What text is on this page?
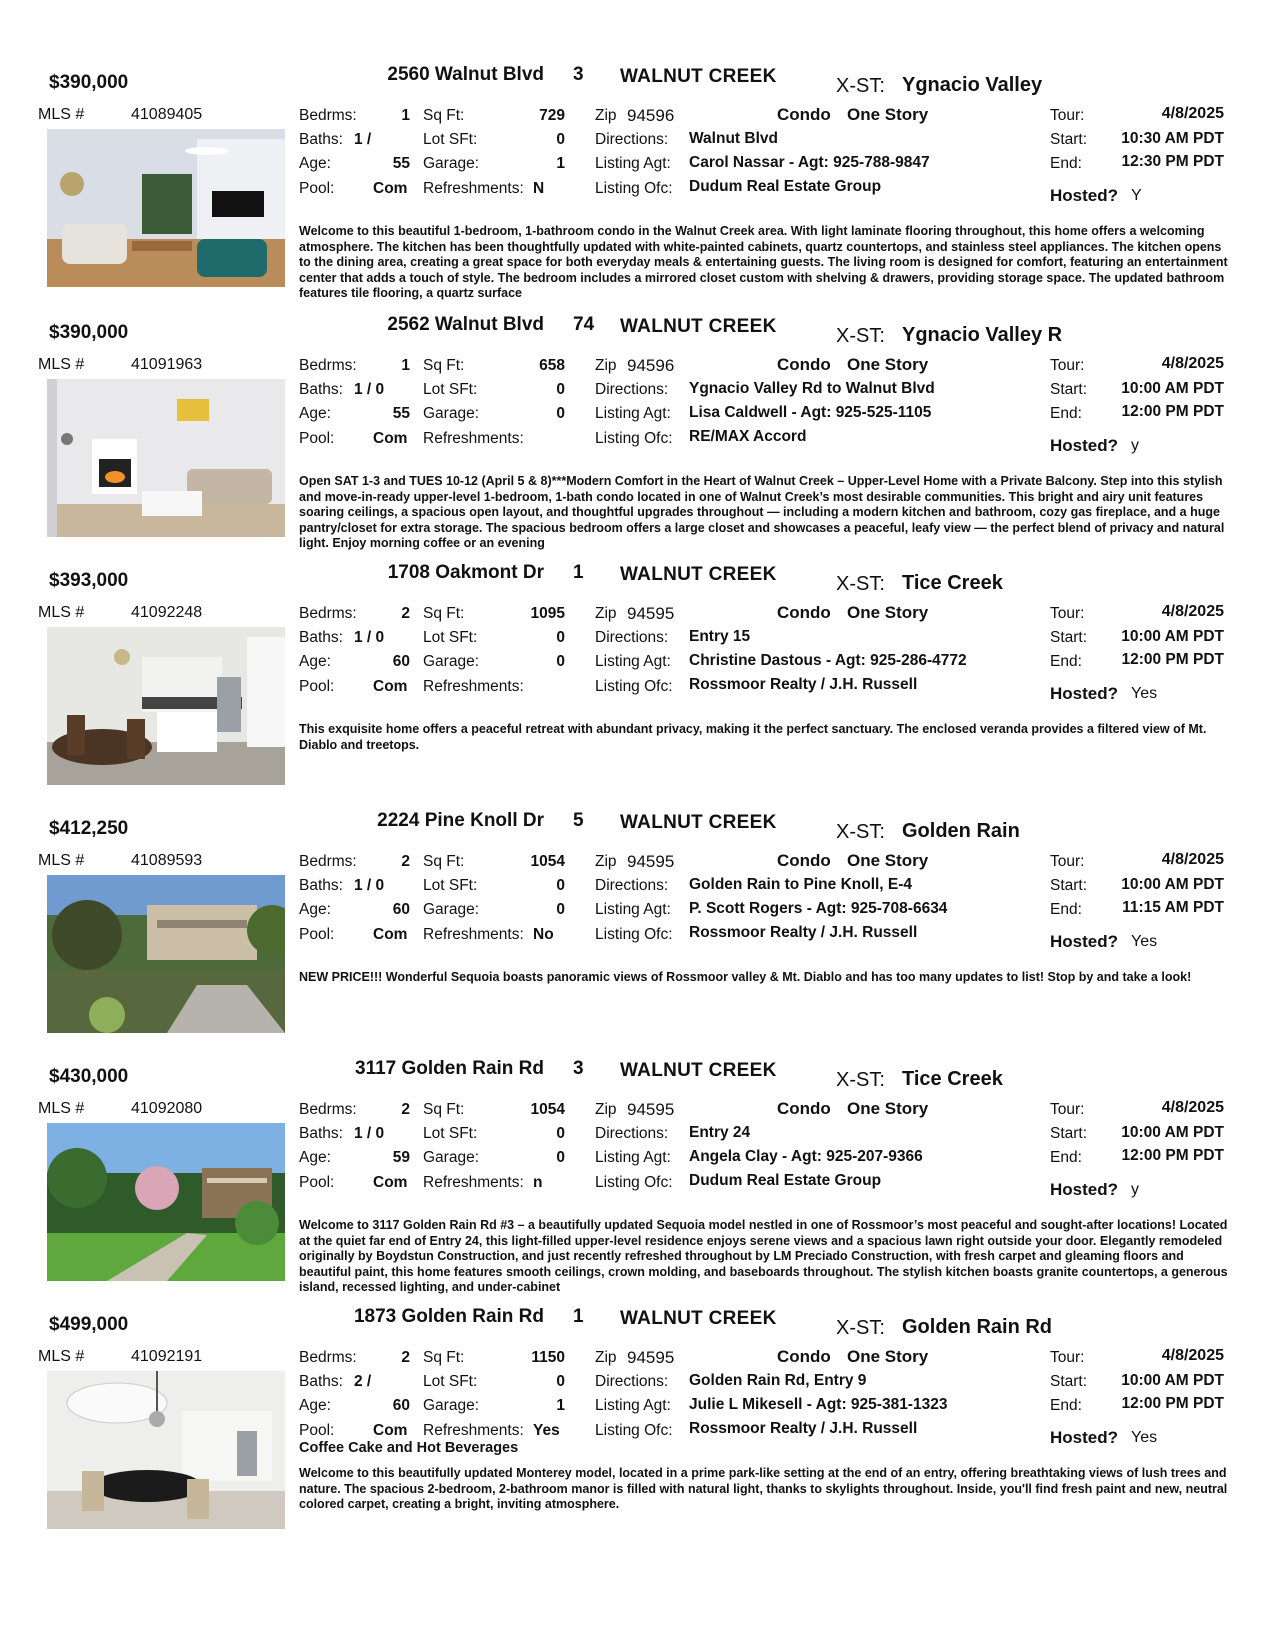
$390,000	2560 Walnut Blvd 3 WALNUT CREEK	X-ST: Ygnacio Valley
MLS #	41089405	Bedrms:	1
Baths: 1 /
Age:	55
Pool: Com
Sq Ft:	729
Lot SFt:	0
Garage:	1
Refreshments: N
Zip 94596	Condo One Story
Directions: Walnut Blvd
Listing Agt: Carol Nassar - Agt: 925-788-9847
Listing Ofc: Dudum Real Estate Group
Tour:	4/8/2025
Start:	10:30 AM PDT
End:	12:30 PM PDT
Hosted? Y
Welcome to this beautiful 1-bedroom, 1-bathroom condo in the Walnut Creek area. With light laminate flooring throughout, this home offers a welcoming atmosphere. The kitchen has been thoughtfully updated with white-painted cabinets, quartz countertops, and stainless steel appliances. The kitchen opens to the dining area, creating a great space for both everyday meals & entertaining guests. The living room is designed for comfort, featuring an entertainment center that adds a touch of style. The bedroom includes a mirrored closet custom with shelving & drawers, providing storage space. The updated bathroom features tile flooring, a quartz surface
$390,000	2562 Walnut Blvd 74 WALNUT CREEK	X-ST: Ygnacio Valley R
MLS #	41091963	Bedrms:	1
Baths: 1 / 0
Age:	55
Pool: Com
Sq Ft:	658
Lot SFt:	0
Garage:	0
Refreshments:
Zip 94596	Condo One Story
Directions: Ygnacio Valley Rd to Walnut Blvd
Listing Agt: Lisa Caldwell - Agt: 925-525-1105
Listing Ofc: RE/MAX Accord
Tour:	4/8/2025
Start:	10:00 AM PDT
End:	12:00 PM PDT
Hosted? y
Open SAT 1-3 and TUES 10-12 (April 5 & 8)***Modern Comfort in the Heart of Walnut Creek – Upper-Level Home with a Private Balcony. Step into this stylish and move-in-ready upper-level 1-bedroom, 1-bath condo located in one of Walnut Creek’s most desirable communities. This bright and airy unit features soaring ceilings, a spacious open layout, and thoughtful upgrades throughout — including a modern kitchen and bathroom, cozy gas fireplace, and a huge pantry/closet for extra storage. The spacious bedroom offers a large closet and showcases a peaceful, leafy view — the perfect blend of privacy and natural light. Enjoy morning coffee or an evening
$393,000	1708 Oakmont Dr 1 WALNUT CREEK	X-ST: Tice Creek
MLS #	41092248	Bedrms:	2
Baths: 1 / 0
Age:	60
Pool: Com
Sq Ft:	1095
Lot SFt:	0
Garage:	0
Refreshments:
Zip 94595	Condo One Story
Directions: Entry 15
Listing Agt: Christine Dastous - Agt: 925-286-4772
Listing Ofc: Rossmoor Realty / J.H. Russell
Tour:	4/8/2025
Start:	10:00 AM PDT
End:	12:00 PM PDT
Hosted? Yes
This exquisite home offers a peaceful retreat with abundant privacy, making it the perfect sanctuary. The enclosed veranda provides a filtered view of Mt. Diablo and treetops.
$412,250	2224 Pine Knoll Dr 5 WALNUT CREEK	X-ST: Golden Rain
MLS #	41089593	Bedrms:	2
Baths: 1 / 0
Age:	60
Pool: Com
Sq Ft:	1054
Lot SFt:	0
Garage:	0
Refreshments: No
Zip 94595	Condo One Story
Directions: Golden Rain to Pine Knoll, E-4
Listing Agt: P. Scott Rogers - Agt: 925-708-6634
Listing Ofc: Rossmoor Realty / J.H. Russell
Tour:	4/8/2025
Start:	10:00 AM PDT
End:	11:15 AM PDT
Hosted? Yes
NEW PRICE!!! Wonderful Sequoia boasts panoramic views of Rossmoor valley & Mt. Diablo and has too many updates to list! Stop by and take a look!
$430,000	3117 Golden Rain Rd 3 WALNUT CREEK	X-ST: Tice Creek
MLS #	41092080	Bedrms:	2
Baths: 1 / 0
Age:	59
Pool: Com
Sq Ft:	1054
Lot SFt:	0
Garage:	0
Refreshments: n
Zip 94595	Condo One Story
Directions: Entry 24
Listing Agt: Angela Clay - Agt: 925-207-9366
Listing Ofc: Dudum Real Estate Group
Tour:	4/8/2025
Start:	10:00 AM PDT
End:	12:00 PM PDT
Hosted? y
Welcome to 3117 Golden Rain Rd #3 – a beautifully updated Sequoia model nestled in one of Rossmoor’s most peaceful and sought-after locations! Located at the quiet far end of Entry 24, this light-filled upper-level residence enjoys serene views and a spacious lawn right outside your door. Elegantly remodeled originally by Boydstun Construction, and just recently refreshed throughout by LM Preciado Construction, with fresh carpet and gleaming floors and beautiful paint, this home features smooth ceilings, crown molding, and baseboards throughout. The stylish kitchen boasts granite countertops, a generous island, recessed lighting, and under-cabinet
$499,000	1873 Golden Rain Rd 1 WALNUT CREEK	X-ST: Golden Rain Rd
MLS #	41092191	Bedrms:	2
Baths: 2 /
Age:	60
Pool: Com
Sq Ft:	1150
Lot SFt:	0
Garage:	1
Refreshments: Yes
Zip 94595	Condo One Story
Directions: Golden Rain Rd, Entry 9
Listing Agt: Julie L Mikesell - Agt: 925-381-1323
Listing Ofc: Rossmoor Realty / J.H. Russell
Tour:	4/8/2025
Start:	10:00 AM PDT
End:	12:00 PM PDT
Hosted? Yes
Coffee Cake and Hot Beverages
Welcome to this beautifully updated Monterey model, located in a prime park-like setting at the end of an entry, offering breathtaking views of lush trees and nature. The spacious 2-bedroom, 2-bathroom manor is filled with natural light, thanks to skylights throughout. Inside, you'll find fresh paint and new, neutral colored carpet, creating a bright, inviting atmosphere.
